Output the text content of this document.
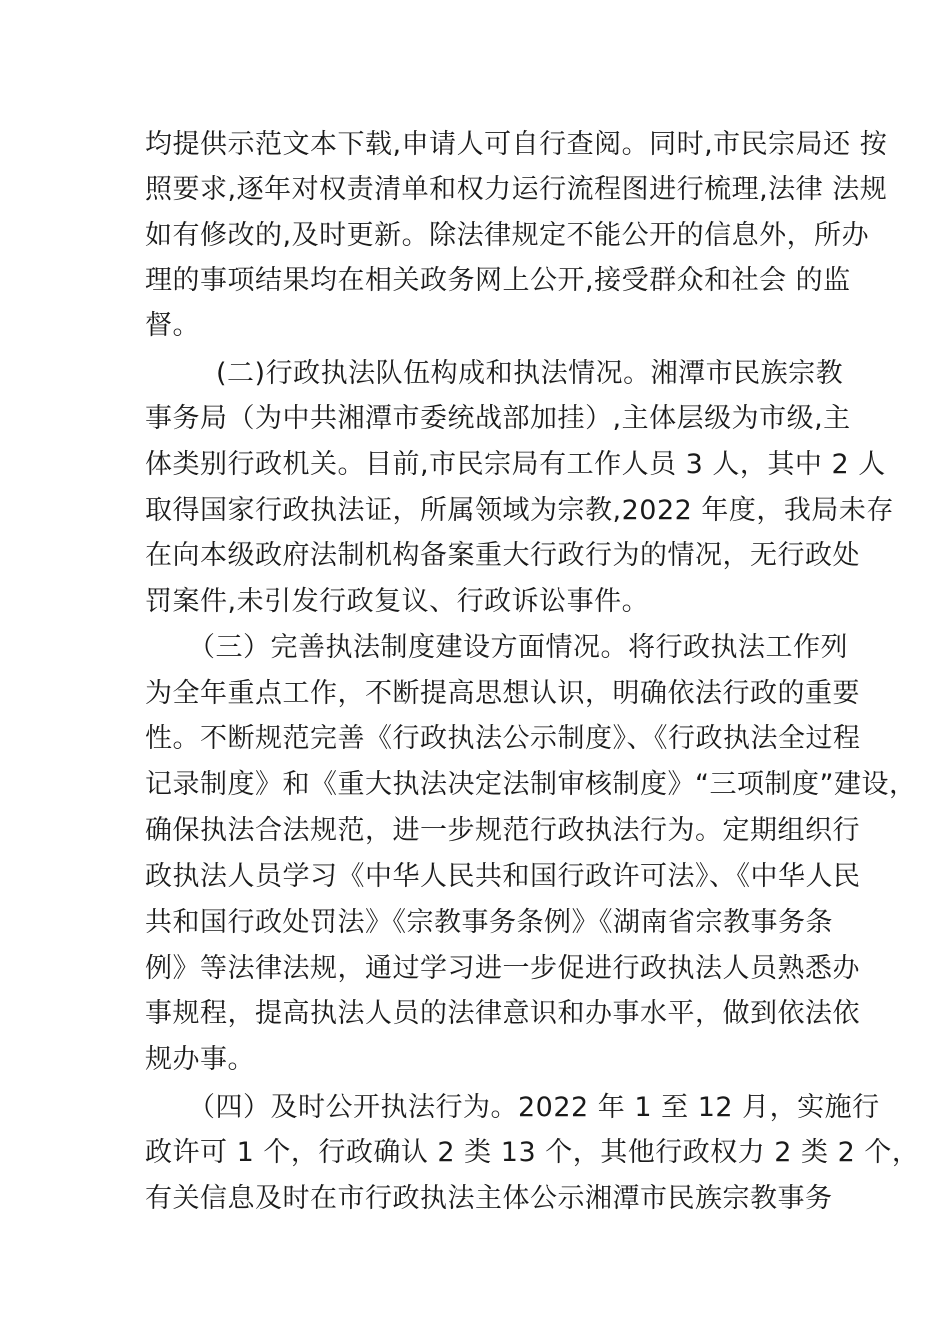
均提供示范文本下载,申请人可自行查阅。同时,市民宗局还 按
照要求,逐年对权责清单和权力运行流程图进行梳理,法律 法规
如有修改的,及时更新。除法律规定不能公开的信息外，所办
理的事项结果均在相关政务网上公开,接受群众和社会 的监
督。
(二)行政执法队伍构成和执法情况。湘潭市民族宗教
事务局（为中共湘潭市委统战部加挂）,主体层级为市级,主
体类别行政机关。目前,市民宗局有工作人员 3 人，其中 2 人
取得国家行政执法证，所属领域为宗教,2022 年度，我局未存
在向本级政府法制机构备案重大行政行为的情况，无行政处
罚案件,未引发行政复议、行政诉讼事件。
（三）完善执法制度建设方面情况。将行政执法工作列
为全年重点工作，不断提高思想认识，明确依法行政的重要
性。不断规范完善《行政执法公示制度》、《行政执法全过程
记录制度》和《重大执法决定法制审核制度》“三项制度”建设，
确保执法合法规范，进一步规范行政执法行为。定期组织行
政执法人员学习《中华人民共和国行政许可法》、《中华人民
共和国行政处罚法》《宗教事务条例》《湖南省宗教事务条
例》等法律法规，通过学习进一步促进行政执法人员熟悉办
事规程，提高执法人员的法律意识和办事水平，做到依法依
规办事。
（四）及时公开执法行为。2022 年 1 至 12 月，实施行
政许可 1 个，行政确认 2 类 13 个，其他行政权力 2 类 2 个，
有关信息及时在市行政执法主体公示湘潭市民族宗教事务
